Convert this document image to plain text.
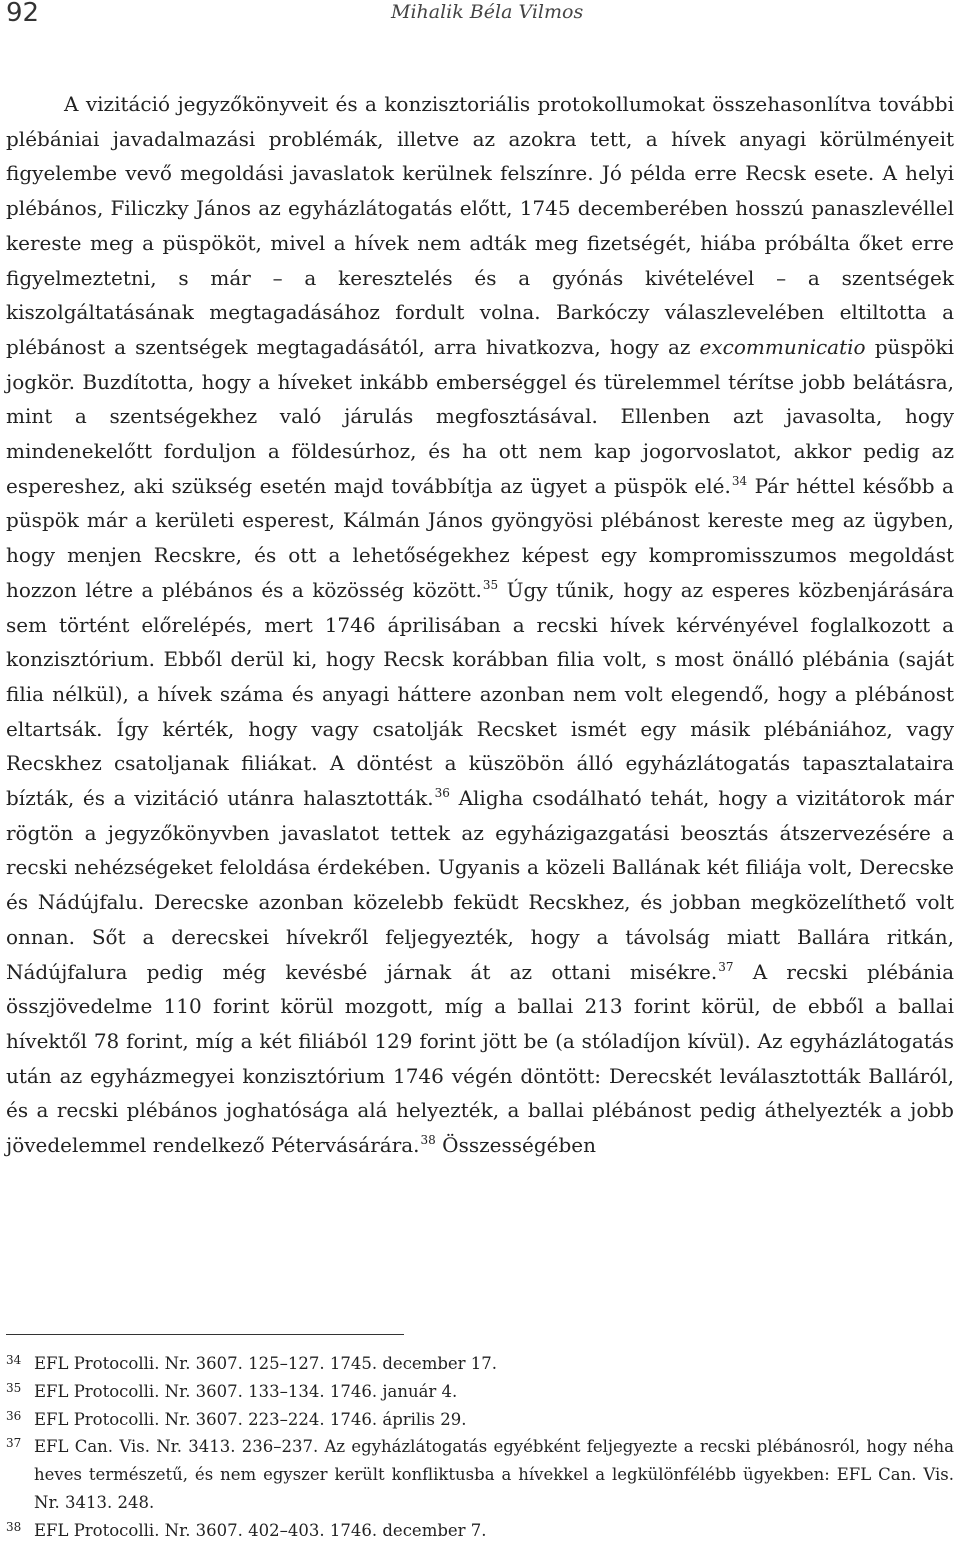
92	Mihalik Béla Vilmos

A vizitáció jegyzőkönyveit és a konzisztoriális protokollumokat összehasonlítva további plébániai javadalmazási problémák, illetve az azokra tett, a hívek anyagi körülményeit figyelembe vevő megoldási javaslatok kerülnek felszínre. Jó példa erre Recsk esete. A helyi plébános, Filiczky János az egyházlátogatás előtt, 1745 decemberében hosszú panaszlevéllel kereste meg a püspököt, mivel a hívek nem adták meg fizetségét, hiába próbálta őket erre figyelmeztetni, s már – a keresztelés és a gyónás kivételével – a szentségek kiszolgáltatásának megtagadásához fordult volna. Barkóczy válaszlevelében eltiltotta a plébánost a szentségek megtagadásától, arra hivatkozva, hogy az excommunicatio püspöki jogkör. Buzdította, hogy a híveket inkább emberséggel és türelemmel térítse jobb belátásra, mint a szentségekhez való járulás megfosztásával. Ellenben azt javasolta, hogy mindenekelőtt forduljon a földesúrhoz, és ha ott nem kap jogorvoslatot, akkor pedig az espereshez, aki szükség esetén majd továbbítja az ügyet a püspök elé.$^{34}$ Pár héttel később a püspök már a kerületi esperest, Kálmán János gyöngyösi plébánost kereste meg az ügyben, hogy menjen Recskre, és ott a lehetőségekhez képest egy kompromisszumos megoldást hozzon létre a plébános és a közösség között.$^{35}$ Úgy tűnik, hogy az esperes közbenjárására sem történt előrelépés, mert 1746 áprilisában a recski hívek kérvényével foglalkozott a konzisztórium. Ebből derül ki, hogy Recsk korábban filia volt, s most önálló plébánia (saját filia nélkül), a hívek száma és anyagi háttere azonban nem volt elegendő, hogy a plébánost eltartsák. Így kérték, hogy vagy csatolják Recsket ismét egy másik plébániához, vagy Recskhez csatoljanak filiákat. A döntést a küszöbön álló egyházlátogatás tapasztalataira bízták, és a vizitáció utánra halasztották.$^{36}$ Aligha csodálható tehát, hogy a vizitátorok már rögtön a jegyzőkönyvben javaslatot tettek az egyházigazgatási beosztás átszervezésére a recski nehézségeket feloldása érdekében. Ugyanis a közeli Ballának két filiája volt, Derecske és Nádújfalu. Derecske azonban közelebb feküdt Recskhez, és jobban megközelíthető volt onnan. Sőt a derecskei hívekről feljegyezték, hogy a távolság miatt Ballára ritkán, Nádújfalura pedig még kevésbé járnak át az ottani misékre.$^{37}$ A recski plébánia összjövedelme 110 forint körül mozgott, míg a ballai 213 forint körül, de ebből a ballai hívektől 78 forint, míg a két filiából 129 forint jött be (a stóladíjon kívül). Az egyházlátogatás után az egyházmegyei konzisztórium 1746 végén döntött: Derecskét leválasztották Balláról, és a recski plébános joghatósága alá helyezték, a ballai plébánost pedig áthelyezték a jobb jövedelemmel rendelkező Pétervásárára.$^{38}$ Összességében

34 EFL Protocolli. Nr. 3607. 125–127. 1745. december 17.
35 EFL Protocolli. Nr. 3607. 133–134. 1746. január 4.
36 EFL Protocolli. Nr. 3607. 223–224. 1746. április 29.
37 EFL Can. Vis. Nr. 3413. 236–237. Az egyházlátogatás egyébként feljegyezte a recski plébánosról, hogy néha heves természetű, és nem egyszer került konfliktusba a hívekkel a legkülönfélébb ügyekben: EFL Can. Vis. Nr. 3413. 248.
38 EFL Protocolli. Nr. 3607. 402–403. 1746. december 7.
